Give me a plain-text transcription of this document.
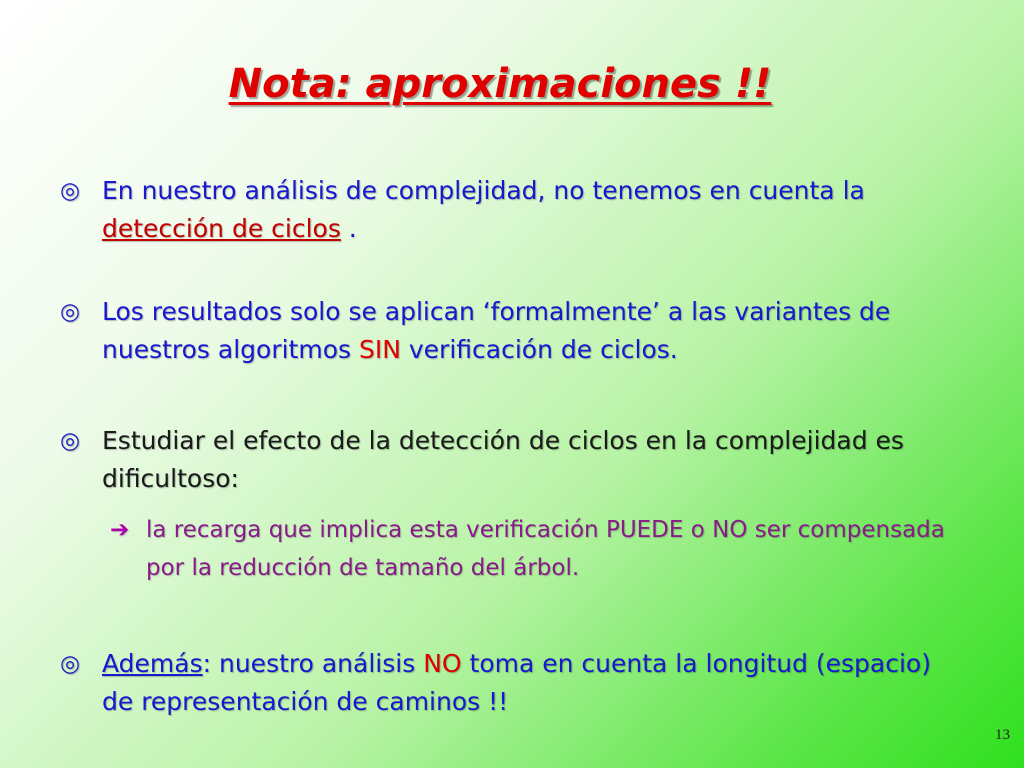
Nota: aproximaciones !!
◎ En nuestro análisis de complejidad, no tenemos en cuenta la detección de ciclos .
◎ Los resultados solo se aplican ‘formalmente’ a las variantes de nuestros algoritmos SIN verificación de ciclos.
◎ Estudiar el efecto de la detección de ciclos en la complejidad es dificultoso:
➔ la recarga que implica esta verificación PUEDE o NO ser compensada por la reducción de tamaño del árbol.
◎ Además: nuestro análisis NO toma en cuenta la longitud (espacio) de representación de caminos !!
13
